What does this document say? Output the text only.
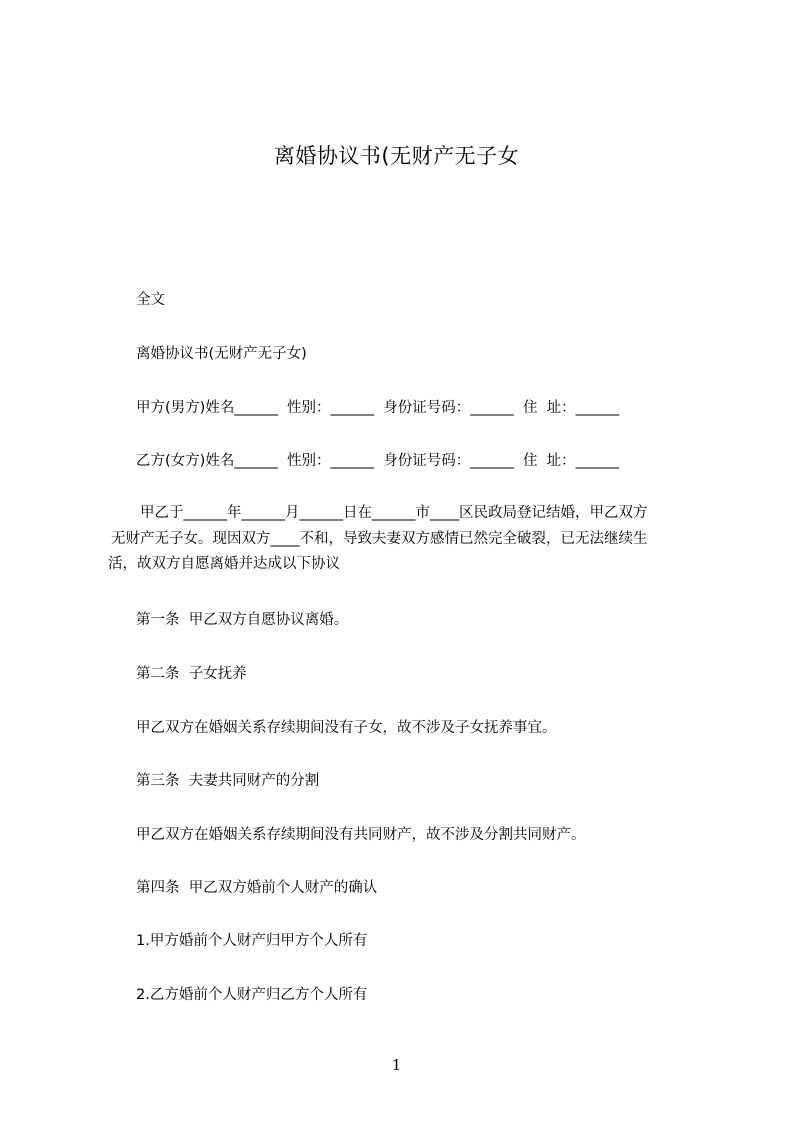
离婚协议书(无财产无子女
全文
离婚协议书(无财产无子女)
甲方(男方)姓名______  性别：______  身份证号码：______  住  址：______
乙方(女方)姓名______  性别：______  身份证号码：______  住  址：______
甲乙于______年______月______日在______市____区民政局登记结婚，甲乙双方
无财产无子女。现因双方____不和，导致夫妻双方感情已然完全破裂，已无法继续生
活，故双方自愿离婚并达成以下协议
第一条  甲乙双方自愿协议离婚。
第二条  子女抚养
甲乙双方在婚姻关系存续期间没有子女，故不涉及子女抚养事宜。
第三条  夫妻共同财产的分割
甲乙双方在婚姻关系存续期间没有共同财产，故不涉及分割共同财产。
第四条  甲乙双方婚前个人财产的确认
1.甲方婚前个人财产归甲方个人所有
2.乙方婚前个人财产归乙方个人所有
1
